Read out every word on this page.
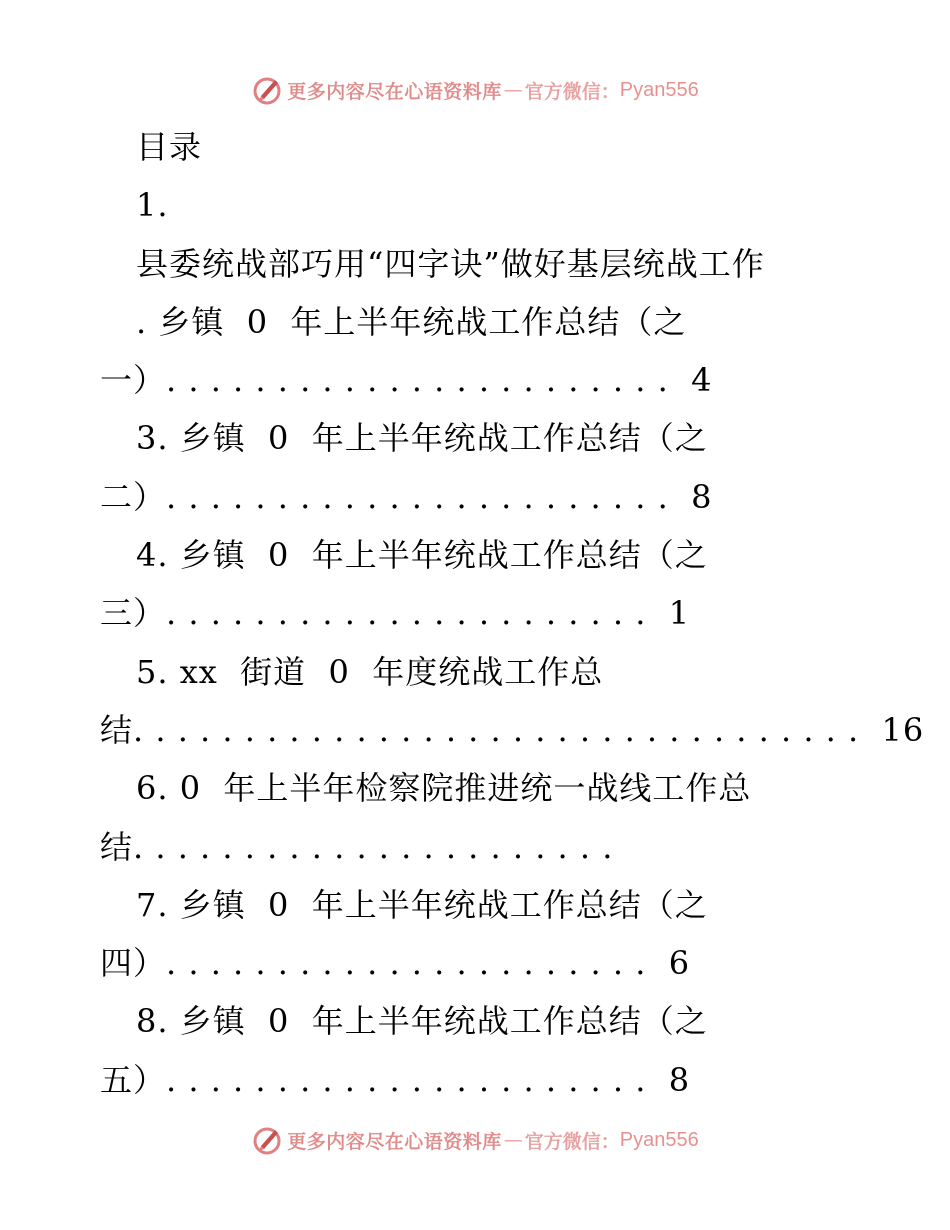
更多内容尽在心语资料库 — 官方微信： Pyan556
目录
1.
县委统战部巧用“四字诀”做好基层统战工作
. 乡镇  0  年上半年统战工作总结（之
一）. . . . . . . . . . . . . . . . . . . . . . .  4
3. 乡镇  0  年上半年统战工作总结（之
二）. . . . . . . . . . . . . . . . . . . . . . .  8
4. 乡镇  0  年上半年统战工作总结（之
三）. . . . . . . . . . . . . . . . . . . . . .  1
5. xx  街道  0  年度统战工作总
结. . . . . . . . . . . . . . . . . . . . . . . . . . . . . . . . .  16
6. 0  年上半年检察院推进统一战线工作总
结. . . . . . . . . . . . . . . . . . . . . .
7. 乡镇  0  年上半年统战工作总结（之
四）. . . . . . . . . . . . . . . . . . . . . .  6
8. 乡镇  0  年上半年统战工作总结（之
五）. . . . . . . . . . . . . . . . . . . . . .  8
更多内容尽在心语资料库 — 官方微信： Pyan556
